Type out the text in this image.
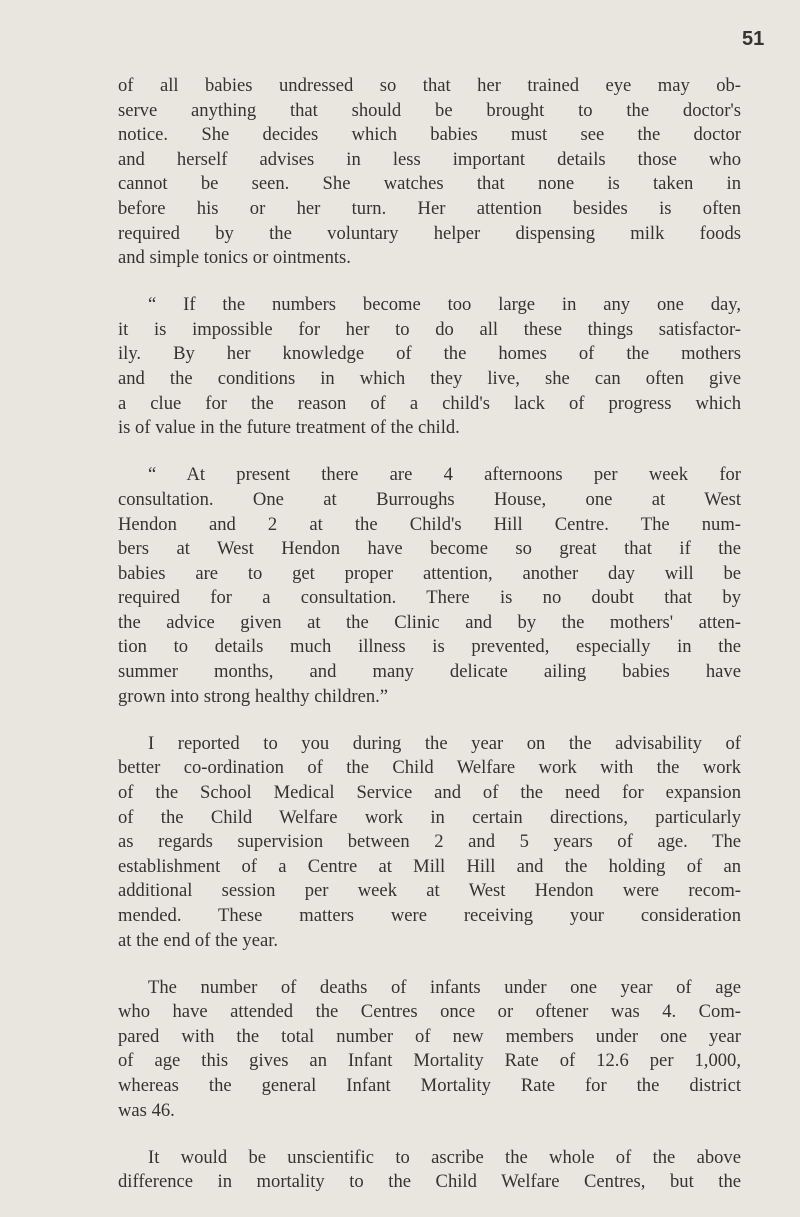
51
of all babies undressed so that her trained eye may ob-
serve anything that should be brought to the doctor's
notice. She decides which babies must see the doctor
and herself advises in less important details those who
cannot be seen. She watches that none is taken in
before his or her turn. Her attention besides is often
required by the voluntary helper dispensing milk foods
and simple tonics or ointments.
“ If the numbers become too large in any one day,
it is impossible for her to do all these things satisfactor-
ily. By her knowledge of the homes of the mothers
and the conditions in which they live, she can often give
a clue for the reason of a child's lack of progress which
is of value in the future treatment of the child.
“ At present there are 4 afternoons per week for
consultation. One at Burroughs House, one at West
Hendon and 2 at the Child's Hill Centre. The num-
bers at West Hendon have become so great that if the
babies are to get proper attention, another day will be
required for a consultation. There is no doubt that by
the advice given at the Clinic and by the mothers' atten-
tion to details much illness is prevented, especially in the
summer months, and many delicate ailing babies have
grown into strong healthy children.”
I reported to you during the year on the advisability of
better co-ordination of the Child Welfare work with the work
of the School Medical Service and of the need for expansion
of the Child Welfare work in certain directions, particularly
as regards supervision between 2 and 5 years of age. The
establishment of a Centre at Mill Hill and the holding of an
additional session per week at West Hendon were recom-
mended. These matters were receiving your consideration
at the end of the year.
The number of deaths of infants under one year of age
who have attended the Centres once or oftener was 4. Com-
pared with the total number of new members under one year
of age this gives an Infant Mortality Rate of 12.6 per 1,000,
whereas the general Infant Mortality Rate for the district
was 46.
It would be unscientific to ascribe the whole of the above
difference in mortality to the Child Welfare Centres, but the
